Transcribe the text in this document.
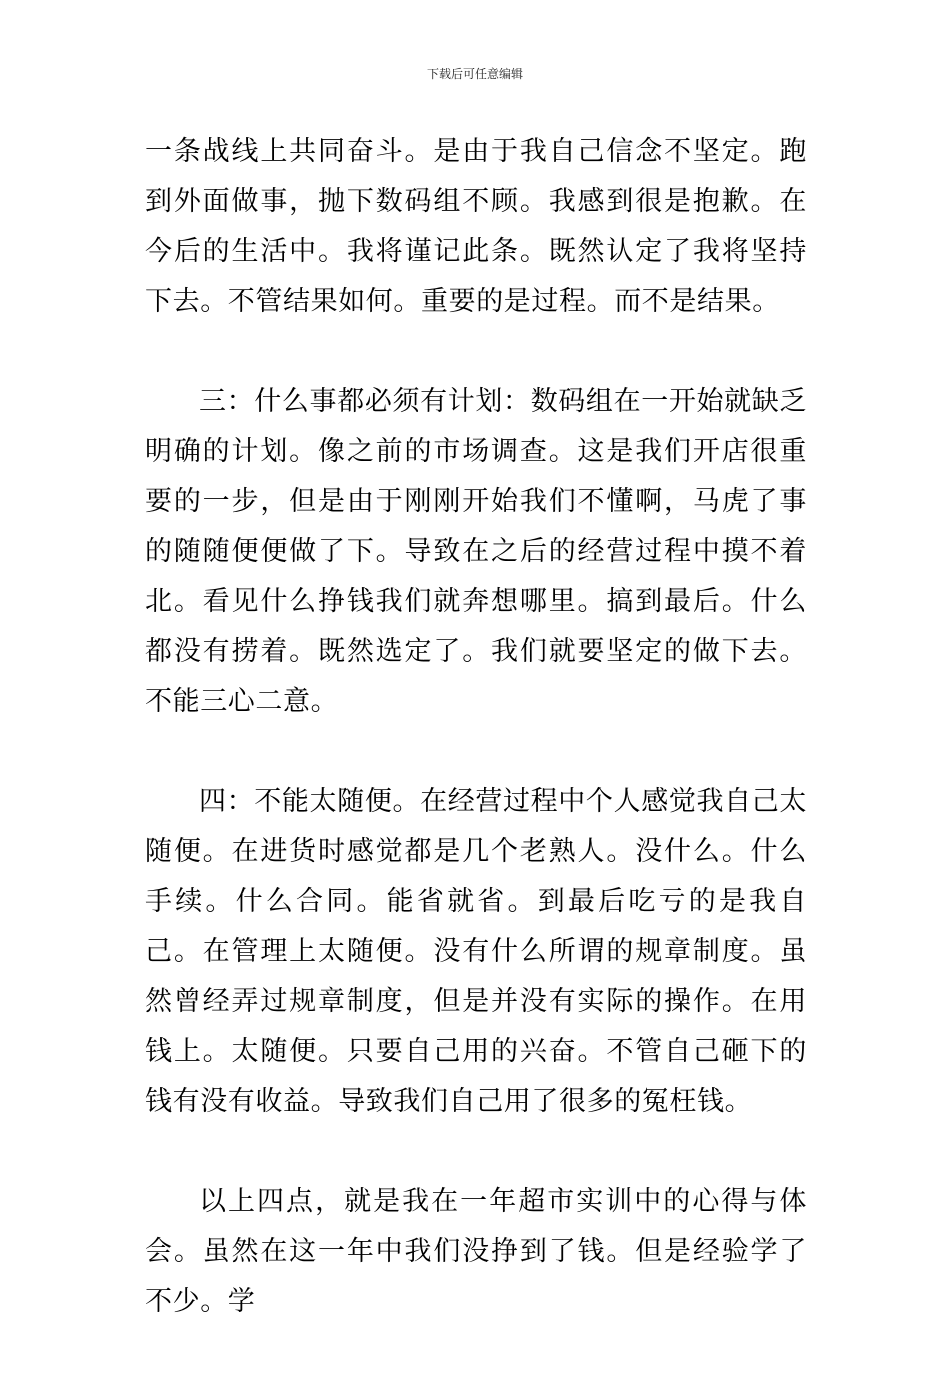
下载后可任意编辑

一条战线上共同奋斗。是由于我自己信念不坚定。跑到外面做事，抛下数码组不顾。我感到很是抱歉。在今后的生活中。我将谨记此条。既然认定了我将坚持下去。不管结果如何。重要的是过程。而不是结果。

三：什么事都必须有计划：数码组在一开始就缺乏明确的计划。像之前的市场调查。这是我们开店很重要的一步，但是由于刚刚开始我们不懂啊，马虎了事的随随便便做了下。导致在之后的经营过程中摸不着北。看见什么挣钱我们就奔想哪里。搞到最后。什么都没有捞着。既然选定了。我们就要坚定的做下去。不能三心二意。

四：不能太随便。在经营过程中个人感觉我自己太随便。在进货时感觉都是几个老熟人。没什么。什么手续。什么合同。能省就省。到最后吃亏的是我自己。在管理上太随便。没有什么所谓的规章制度。虽然曾经弄过规章制度，但是并没有实际的操作。在用钱上。太随便。只要自己用的兴奋。不管自己砸下的钱有没有收益。导致我们自己用了很多的冤枉钱。

以上四点，就是我在一年超市实训中的心得与体会。虽然在这一年中我们没挣到了钱。但是经验学了不少。学
